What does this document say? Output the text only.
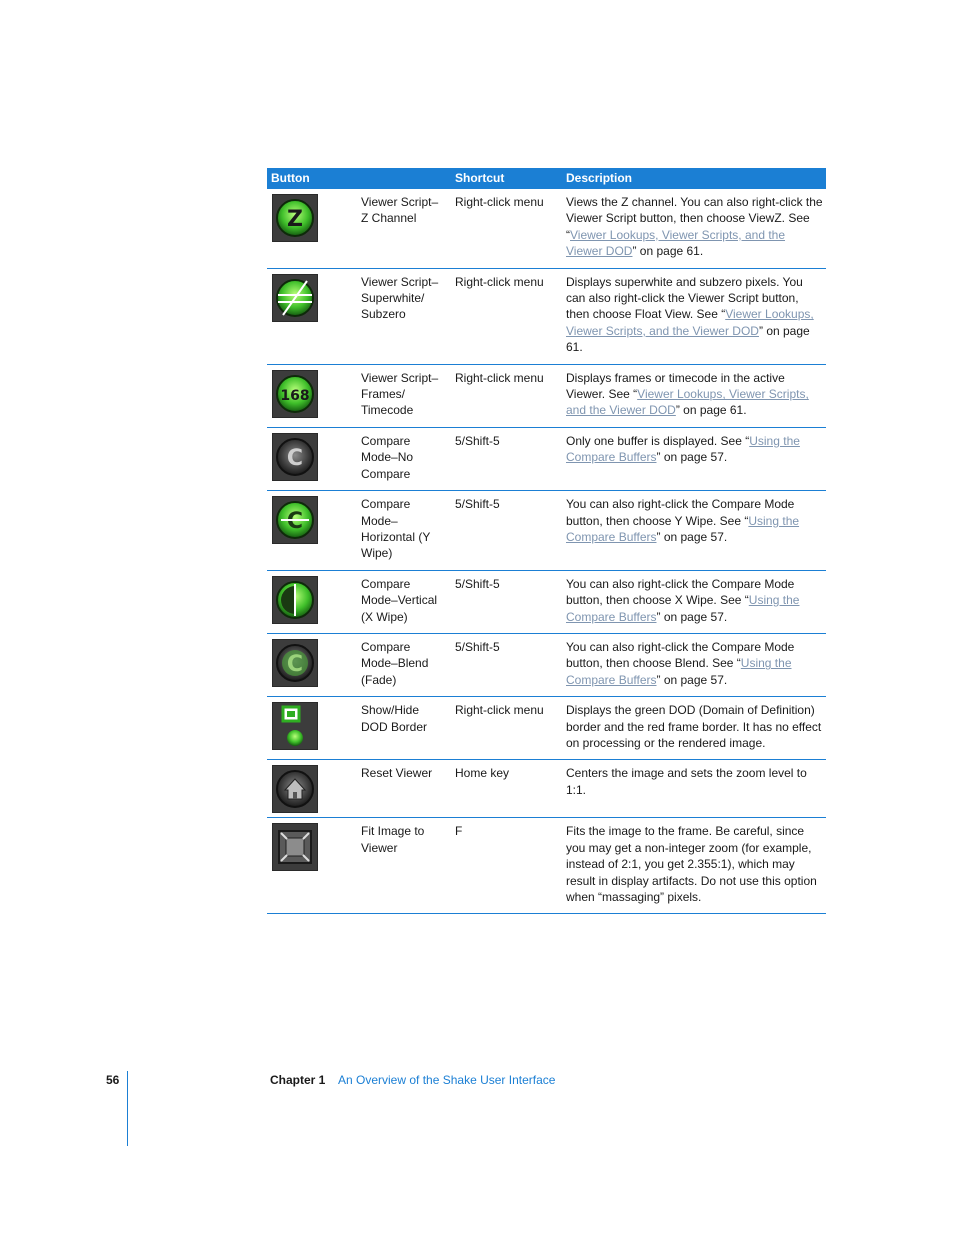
Button		Shortcut	Description

Z	Viewer Script–
Z Channel	Right-click menu	Views the Z channel. You can also right-click the Viewer Script button, then choose ViewZ. See “Viewer Lookups, Viewer Scripts, and the Viewer DOD” on page 61.

	Viewer Script–
Superwhite/
Subzero	Right-click menu	Displays superwhite and subzero pixels. You can also right-click the Viewer Script button, then choose Float View. See “Viewer Lookups, Viewer Scripts, and the Viewer DOD” on page 61.

168	Viewer Script–
Frames/
Timecode	Right-click menu	Displays frames or timecode in the active Viewer. See “Viewer Lookups, Viewer Scripts, and the Viewer DOD” on page 61.

C	Compare
Mode–No
Compare	5/Shift-5	Only one buffer is displayed. See “Using the Compare Buffers” on page 57.

C	Compare
Mode–
Horizontal (Y
Wipe)	5/Shift-5	You can also right-click the Compare Mode button, then choose Y Wipe. See “Using the Compare Buffers” on page 57.

	Compare
Mode–Vertical
(X Wipe)	5/Shift-5	You can also right-click the Compare Mode button, then choose X Wipe. See “Using the Compare Buffers” on page 57.

C	Compare
Mode–Blend
(Fade)	5/Shift-5	You can also right-click the Compare Mode button, then choose Blend. See “Using the Compare Buffers” on page 57.

	Show/Hide
DOD Border	Right-click menu	Displays the green DOD (Domain of Definition) border and the red frame border. It has no effect on processing or the rendered image.

	Reset Viewer	Home key	Centers the image and sets the zoom level to 1:1.

	Fit Image to
Viewer	F	Fits the image to the frame. Be careful, since you may get a non-integer zoom (for example, instead of 2:1, you get 2.355:1), which may result in display artifacts. Do not use this option when “massaging” pixels.
56	Chapter 1 An Overview of the Shake User Interface
